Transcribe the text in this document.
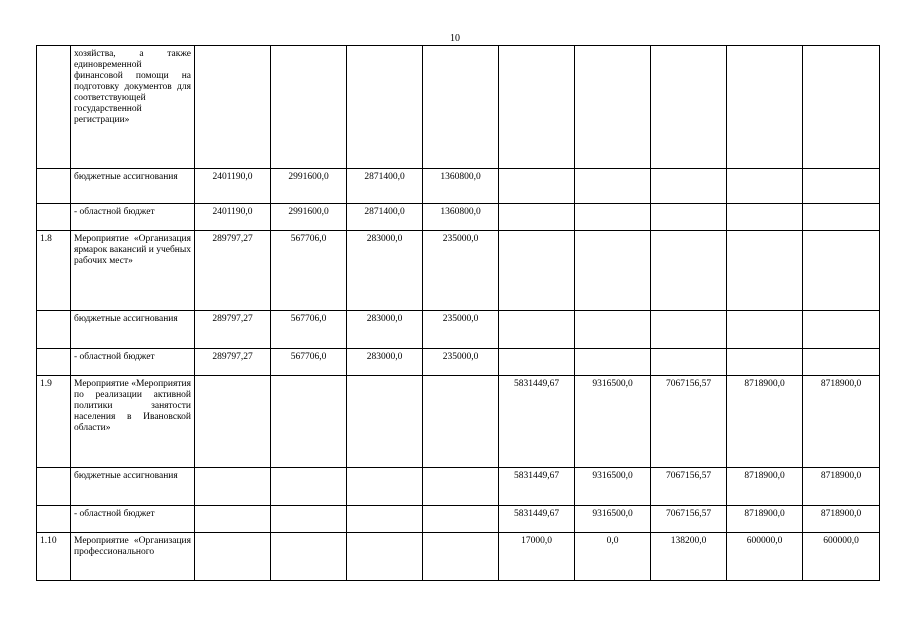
10
	хозяйства, а также единовременной финансовой помощи на подготовку документов для соответствующей государственной регистрации»									
	бюджетные ассигнования	2401190,0	2991600,0	2871400,0	1360800,0					
	- областной бюджет	2401190,0	2991600,0	2871400,0	1360800,0					
1.8	Мероприятие «Организация ярмарок вакансий и учебных рабочих мест»	289797,27	567706,0	283000,0	235000,0					
	бюджетные ассигнования	289797,27	567706,0	283000,0	235000,0					
	- областной бюджет	289797,27	567706,0	283000,0	235000,0					
1.9	Мероприятие «Мероприятия по реализации активной политики занятости населения в Ивановской области»					5831449,67	9316500,0	7067156,57	8718900,0	8718900,0
	бюджетные ассигнования					5831449,67	9316500,0	7067156,57	8718900,0	8718900,0
	- областной бюджет					5831449,67	9316500,0	7067156,57	8718900,0	8718900,0
1.10	Мероприятие «Организация профессионального					17000,0	0,0	138200,0	600000,0	600000,0
